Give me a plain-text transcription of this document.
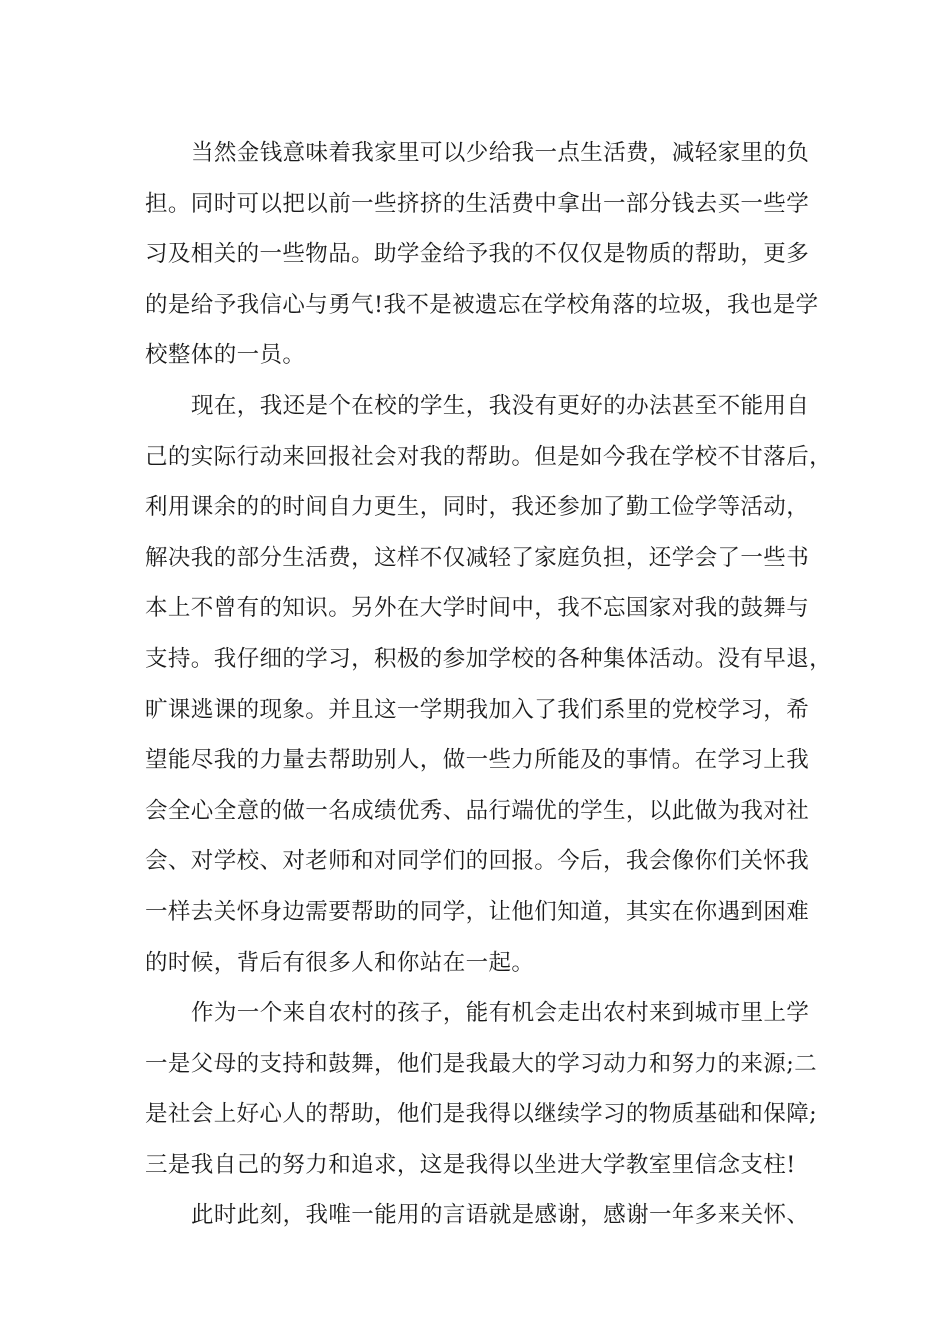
当然金钱意味着我家里可以少给我一点生活费，减轻家里的负
担。同时可以把以前一些挤挤的生活费中拿出一部分钱去买一些学
习及相关的一些物品。助学金给予我的不仅仅是物质的帮助，更多
的是给予我信心与勇气!我不是被遗忘在学校角落的垃圾，我也是学
校整体的一员。
现在，我还是个在校的学生，我没有更好的办法甚至不能用自
己的实际行动来回报社会对我的帮助。但是如今我在学校不甘落后，
利用课余的的时间自力更生，同时，我还参加了勤工俭学等活动，
解决我的部分生活费，这样不仅减轻了家庭负担，还学会了一些书
本上不曾有的知识。另外在大学时间中，我不忘国家对我的鼓舞与
支持。我仔细的学习，积极的参加学校的各种集体活动。没有早退，
旷课逃课的现象。并且这一学期我加入了我们系里的党校学习，希
望能尽我的力量去帮助别人，做一些力所能及的事情。在学习上我
会全心全意的做一名成绩优秀、品行端优的学生，以此做为我对社
会、对学校、对老师和对同学们的回报。今后，我会像你们关怀我
一样去关怀身边需要帮助的同学，让他们知道，其实在你遇到困难
的时候，背后有很多人和你站在一起。
作为一个来自农村的孩子，能有机会走出农村来到城市里上学
一是父母的支持和鼓舞，他们是我最大的学习动力和努力的来源;二
是社会上好心人的帮助，他们是我得以继续学习的物质基础和保障;
三是我自己的努力和追求，这是我得以坐进大学教室里信念支柱!
此时此刻，我唯一能用的言语就是感谢，感谢一年多来关怀、
